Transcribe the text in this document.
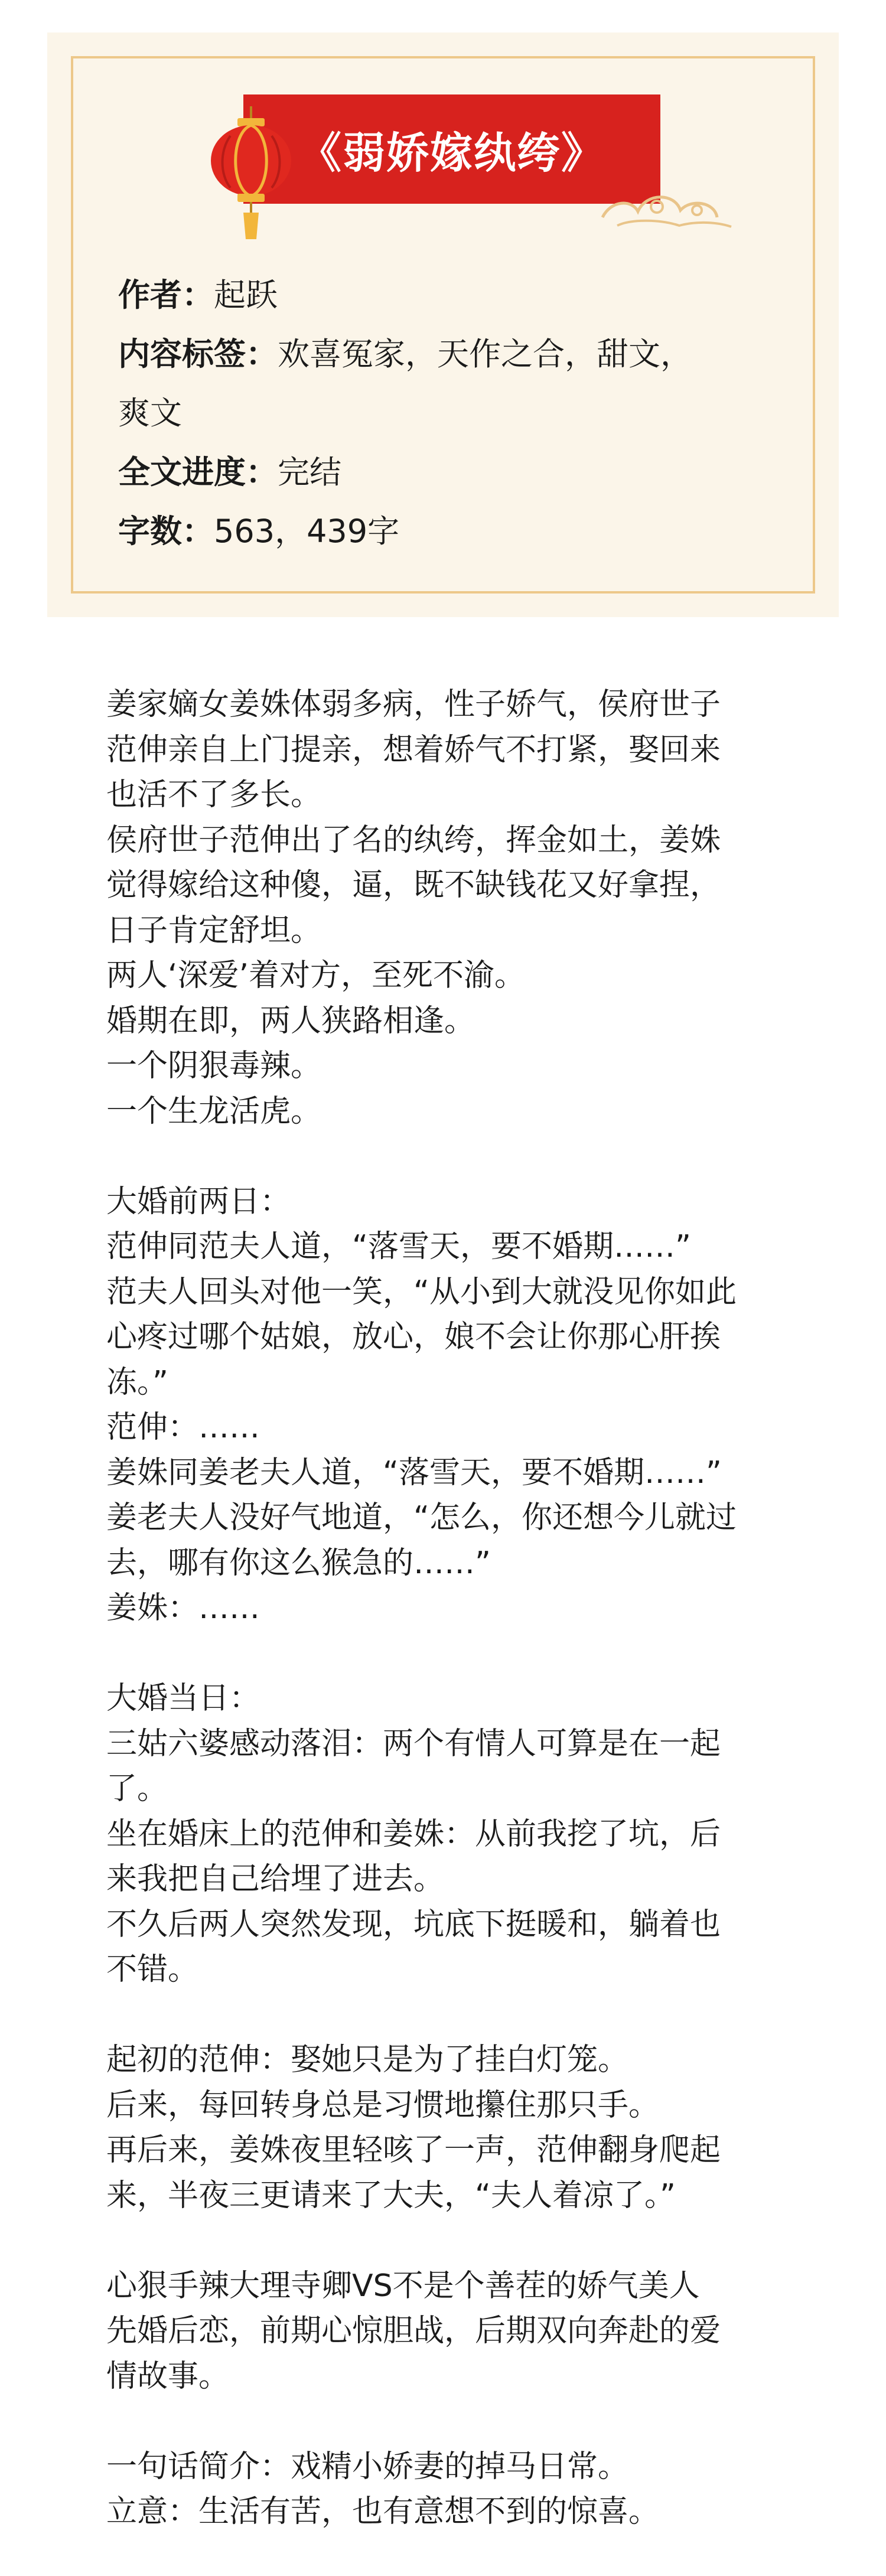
《弱娇嫁纨绔》
作者：起跃
内容标签：欢喜冤家，天作之合，甜文，
爽文
全文进度：完结
字数：563，439字
姜家嫡女姜姝体弱多病，性子娇气，侯府世子
范伸亲自上门提亲，想着娇气不打紧，娶回来
也活不了多长。
侯府世子范伸出了名的纨绔，挥金如土，姜姝
觉得嫁给这种傻，逼，既不缺钱花又好拿捏，
日子肯定舒坦。
两人‘深爱’着对方，至死不渝。
婚期在即，两人狭路相逢。
一个阴狠毒辣。
一个生龙活虎。
大婚前两日：
范伸同范夫人道，“落雪天，要不婚期……”
范夫人回头对他一笑，“从小到大就没见你如此
心疼过哪个姑娘，放心，娘不会让你那心肝挨
冻。”
范伸：……
姜姝同姜老夫人道，“落雪天，要不婚期……”
姜老夫人没好气地道，“怎么，你还想今儿就过
去，哪有你这么猴急的……”
姜姝：……
大婚当日：
三姑六婆感动落泪：两个有情人可算是在一起
了。
坐在婚床上的范伸和姜姝：从前我挖了坑，后
来我把自己给埋了进去。
不久后两人突然发现，坑底下挺暖和，躺着也
不错。
起初的范伸：娶她只是为了挂白灯笼。
后来，每回转身总是习惯地攥住那只手。
再后来，姜姝夜里轻咳了一声，范伸翻身爬起
来，半夜三更请来了大夫，“夫人着凉了。”
心狠手辣大理寺卿VS不是个善茬的娇气美人
先婚后恋，前期心惊胆战，后期双向奔赴的爱
情故事。
一句话简介：戏精小娇妻的掉马日常。
立意：生活有苦，也有意想不到的惊喜。
